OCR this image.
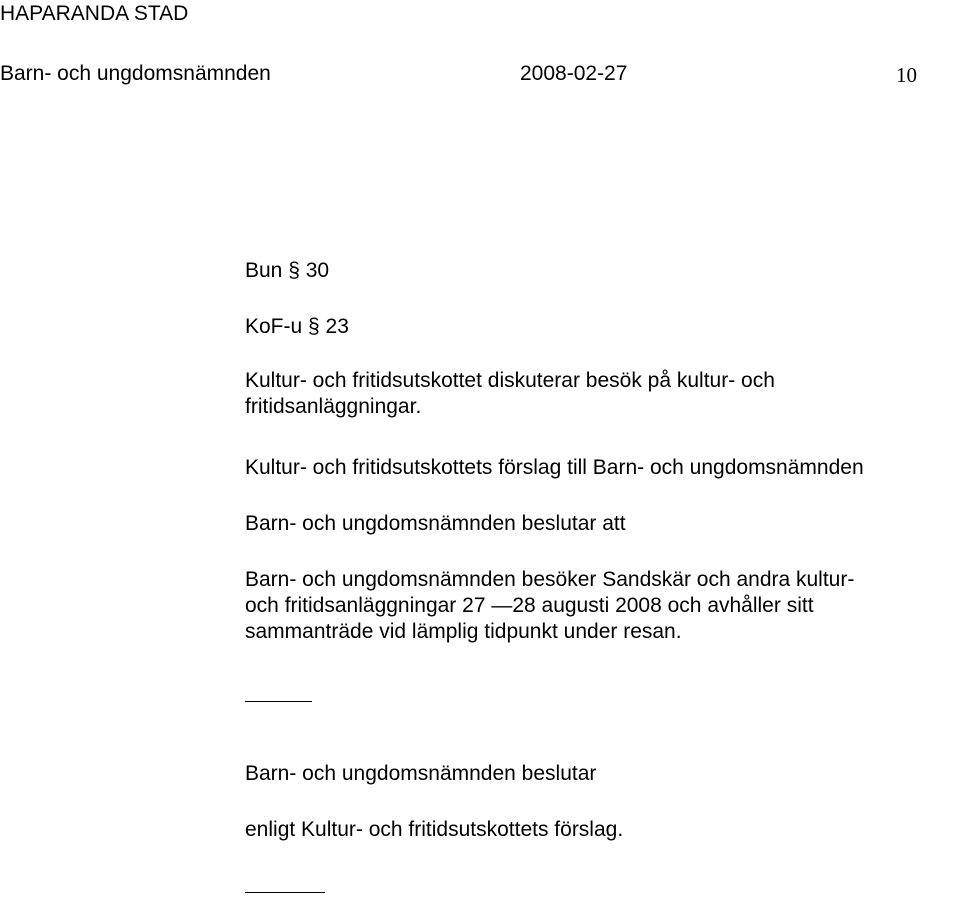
HAPARANDA STAD

Barn- och ungdomsnämnden	2008-02-27	10

Bun § 30

KoF-u § 23

Kultur- och fritidsutskottet diskuterar besök på kultur- och

fritidsanläggningar.

Kultur- och fritidsutskottets förslag till Barn- och ungdomsnämnden

Barn- och ungdomsnämnden beslutar att

Barn- och ungdomsnämnden besöker Sandskär och andra kultur-

och fritidsanläggningar 27 —28 augusti 2008 och avhåller sitt

sammanträde vid lämplig tidpunkt under resan.

Barn- och ungdomsnämnden beslutar

enligt Kultur- och fritidsutskottets förslag.
